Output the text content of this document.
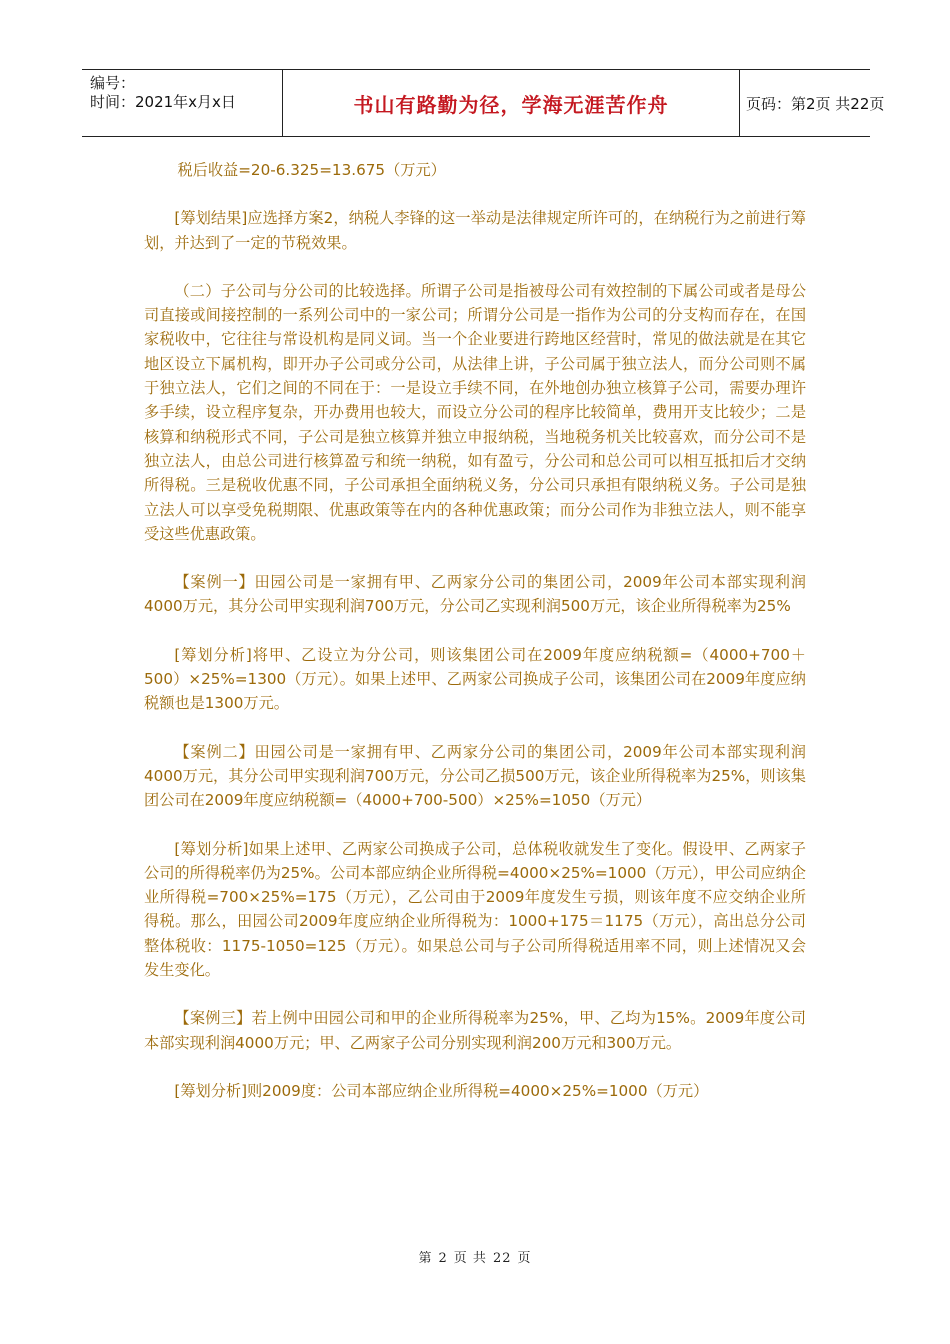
编号：
时间：2021年x月x日	书山有路勤为径，学海无涯苦作舟	页码：第2页 共22页

税后收益=20-6.325=13.675（万元）

[筹划结果]应选择方案2，纳税人李锋的这一举动是法律规定所许可的，在纳税行为之前进行筹划，并达到了一定的节税效果。

（二）子公司与分公司的比较选择。所谓子公司是指被母公司有效控制的下属公司或者是母公司直接或间接控制的一系列公司中的一家公司；所谓分公司是一指作为公司的分支构而存在，在国家税收中，它往往与常设机构是同义词。当一个企业要进行跨地区经营时，常见的做法就是在其它地区设立下属机构，即开办子公司或分公司，从法律上讲，子公司属于独立法人，而分公司则不属于独立法人，它们之间的不同在于：一是设立手续不同，在外地创办独立核算子公司，需要办理许多手续，设立程序复杂，开办费用也较大，而设立分公司的程序比较简单，费用开支比较少；二是核算和纳税形式不同，子公司是独立核算并独立申报纳税，当地税务机关比较喜欢，而分公司不是独立法人，由总公司进行核算盈亏和统一纳税，如有盈亏，分公司和总公司可以相互抵扣后才交纳所得税。三是税收优惠不同，子公司承担全面纳税义务，分公司只承担有限纳税义务。子公司是独立法人可以享受免税期限、优惠政策等在内的各种优惠政策；而分公司作为非独立法人，则不能享受这些优惠政策。

【案例一】田园公司是一家拥有甲、乙两家分公司的集团公司，2009年公司本部实现利润4000万元，其分公司甲实现利润700万元，分公司乙实现利润500万元，该企业所得税率为25%

[筹划分析]将甲、乙设立为分公司，则该集团公司在2009年度应纳税额=（4000+700＋500）×25%=1300（万元）。如果上述甲、乙两家公司换成子公司，该集团公司在2009年度应纳税额也是1300万元。

【案例二】田园公司是一家拥有甲、乙两家分公司的集团公司，2009年公司本部实现利润4000万元，其分公司甲实现利润700万元，分公司乙损500万元，该企业所得税率为25%，则该集团公司在2009年度应纳税额=（4000+700-500）×25%=1050（万元）

[筹划分析]如果上述甲、乙两家公司换成子公司，总体税收就发生了变化。假设甲、乙两家子公司的所得税率仍为25%。公司本部应纳企业所得税=4000×25%=1000（万元），甲公司应纳企业所得税=700×25%=175（万元），乙公司由于2009年度发生亏损，则该年度不应交纳企业所得税。那么，田园公司2009年度应纳企业所得税为：1000+175＝1175（万元），高出总分公司整体税收：1175-1050=125（万元）。如果总公司与子公司所得税适用率不同，则上述情况又会发生变化。

【案例三】若上例中田园公司和甲的企业所得税率为25%，甲、乙均为15%。2009年度公司本部实现利润4000万元；甲、乙两家子公司分别实现利润200万元和300万元。

[筹划分析]则2009度：公司本部应纳企业所得税=4000×25%=1000（万元）

第 2 页 共 22 页
